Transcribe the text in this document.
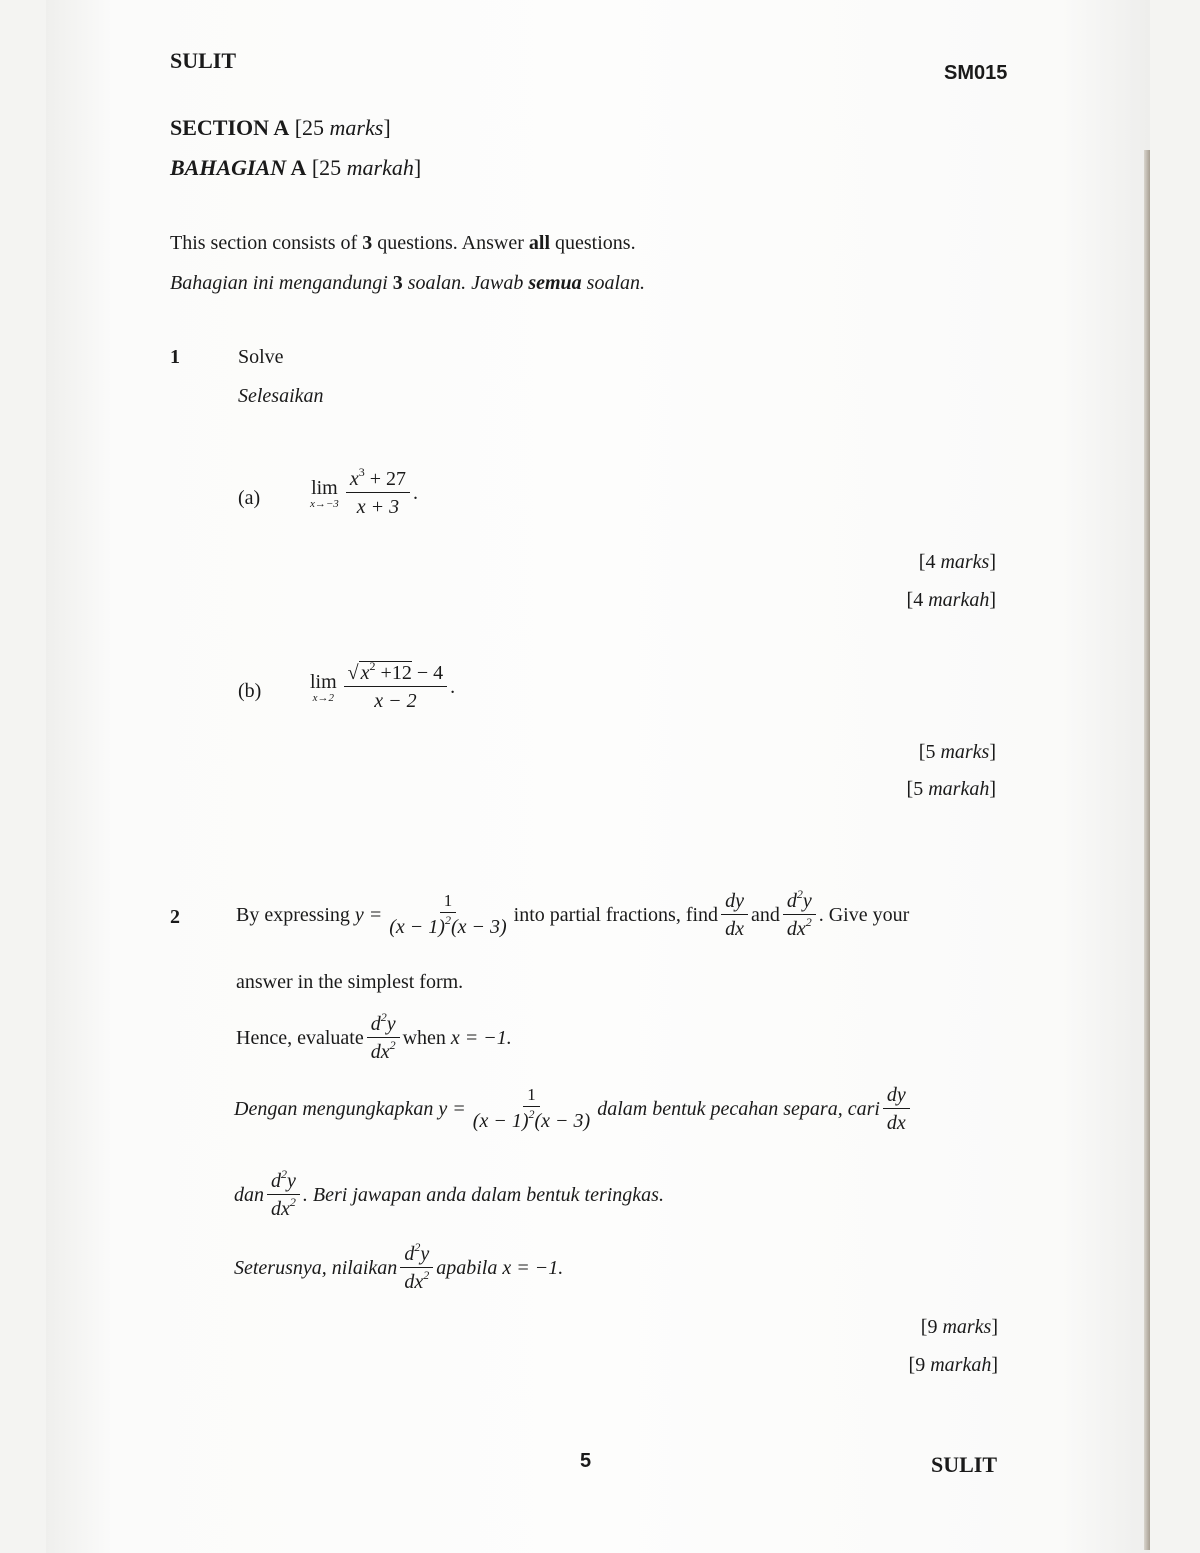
SULIT	SM015
SECTION A [25 marks]
BAHAGIAN A [25 markah]
This section consists of 3 questions. Answer all questions.
Bahagian ini mengandungi 3 soalan. Jawab semua soalan.
1	Solve
Selesaikan
(a)	lim
$x\to-3 \frac{x^3 + 27}{x + 3}$ .
[4 marks]
[4 markah]
(b) lim
$x\to 2 \frac{√ x^2 +12 - 4}{x - 2}$ .
[5 marks]
[5 markah]
2	By expressing
$y = \frac{1}{(x - 1)^2(x - 3)}$ into partial fractions, find $\frac{dy}{dx}$ and $\frac{d^2y}{dx^2}$ . Give your
answer in the simplest form.
Hence, evaluate $\frac{d^2y}{dx^2}$ when
x = −1.
Dengan mengungkapkan
$y = \frac{1}{(x - 1)^2(x - 3)}$ dalam bentuk pecahan separa, cari $\frac{dy}{dx}$
dan $\frac{d^2y}{dx^2}$ . Beri jawapan anda dalam bentuk teringkas.
Seterusnya, nilaikan $\frac{d^2y}{dx^2}$ apabila
x = −1.
[9 marks]
[9 markah]
5	SULIT
